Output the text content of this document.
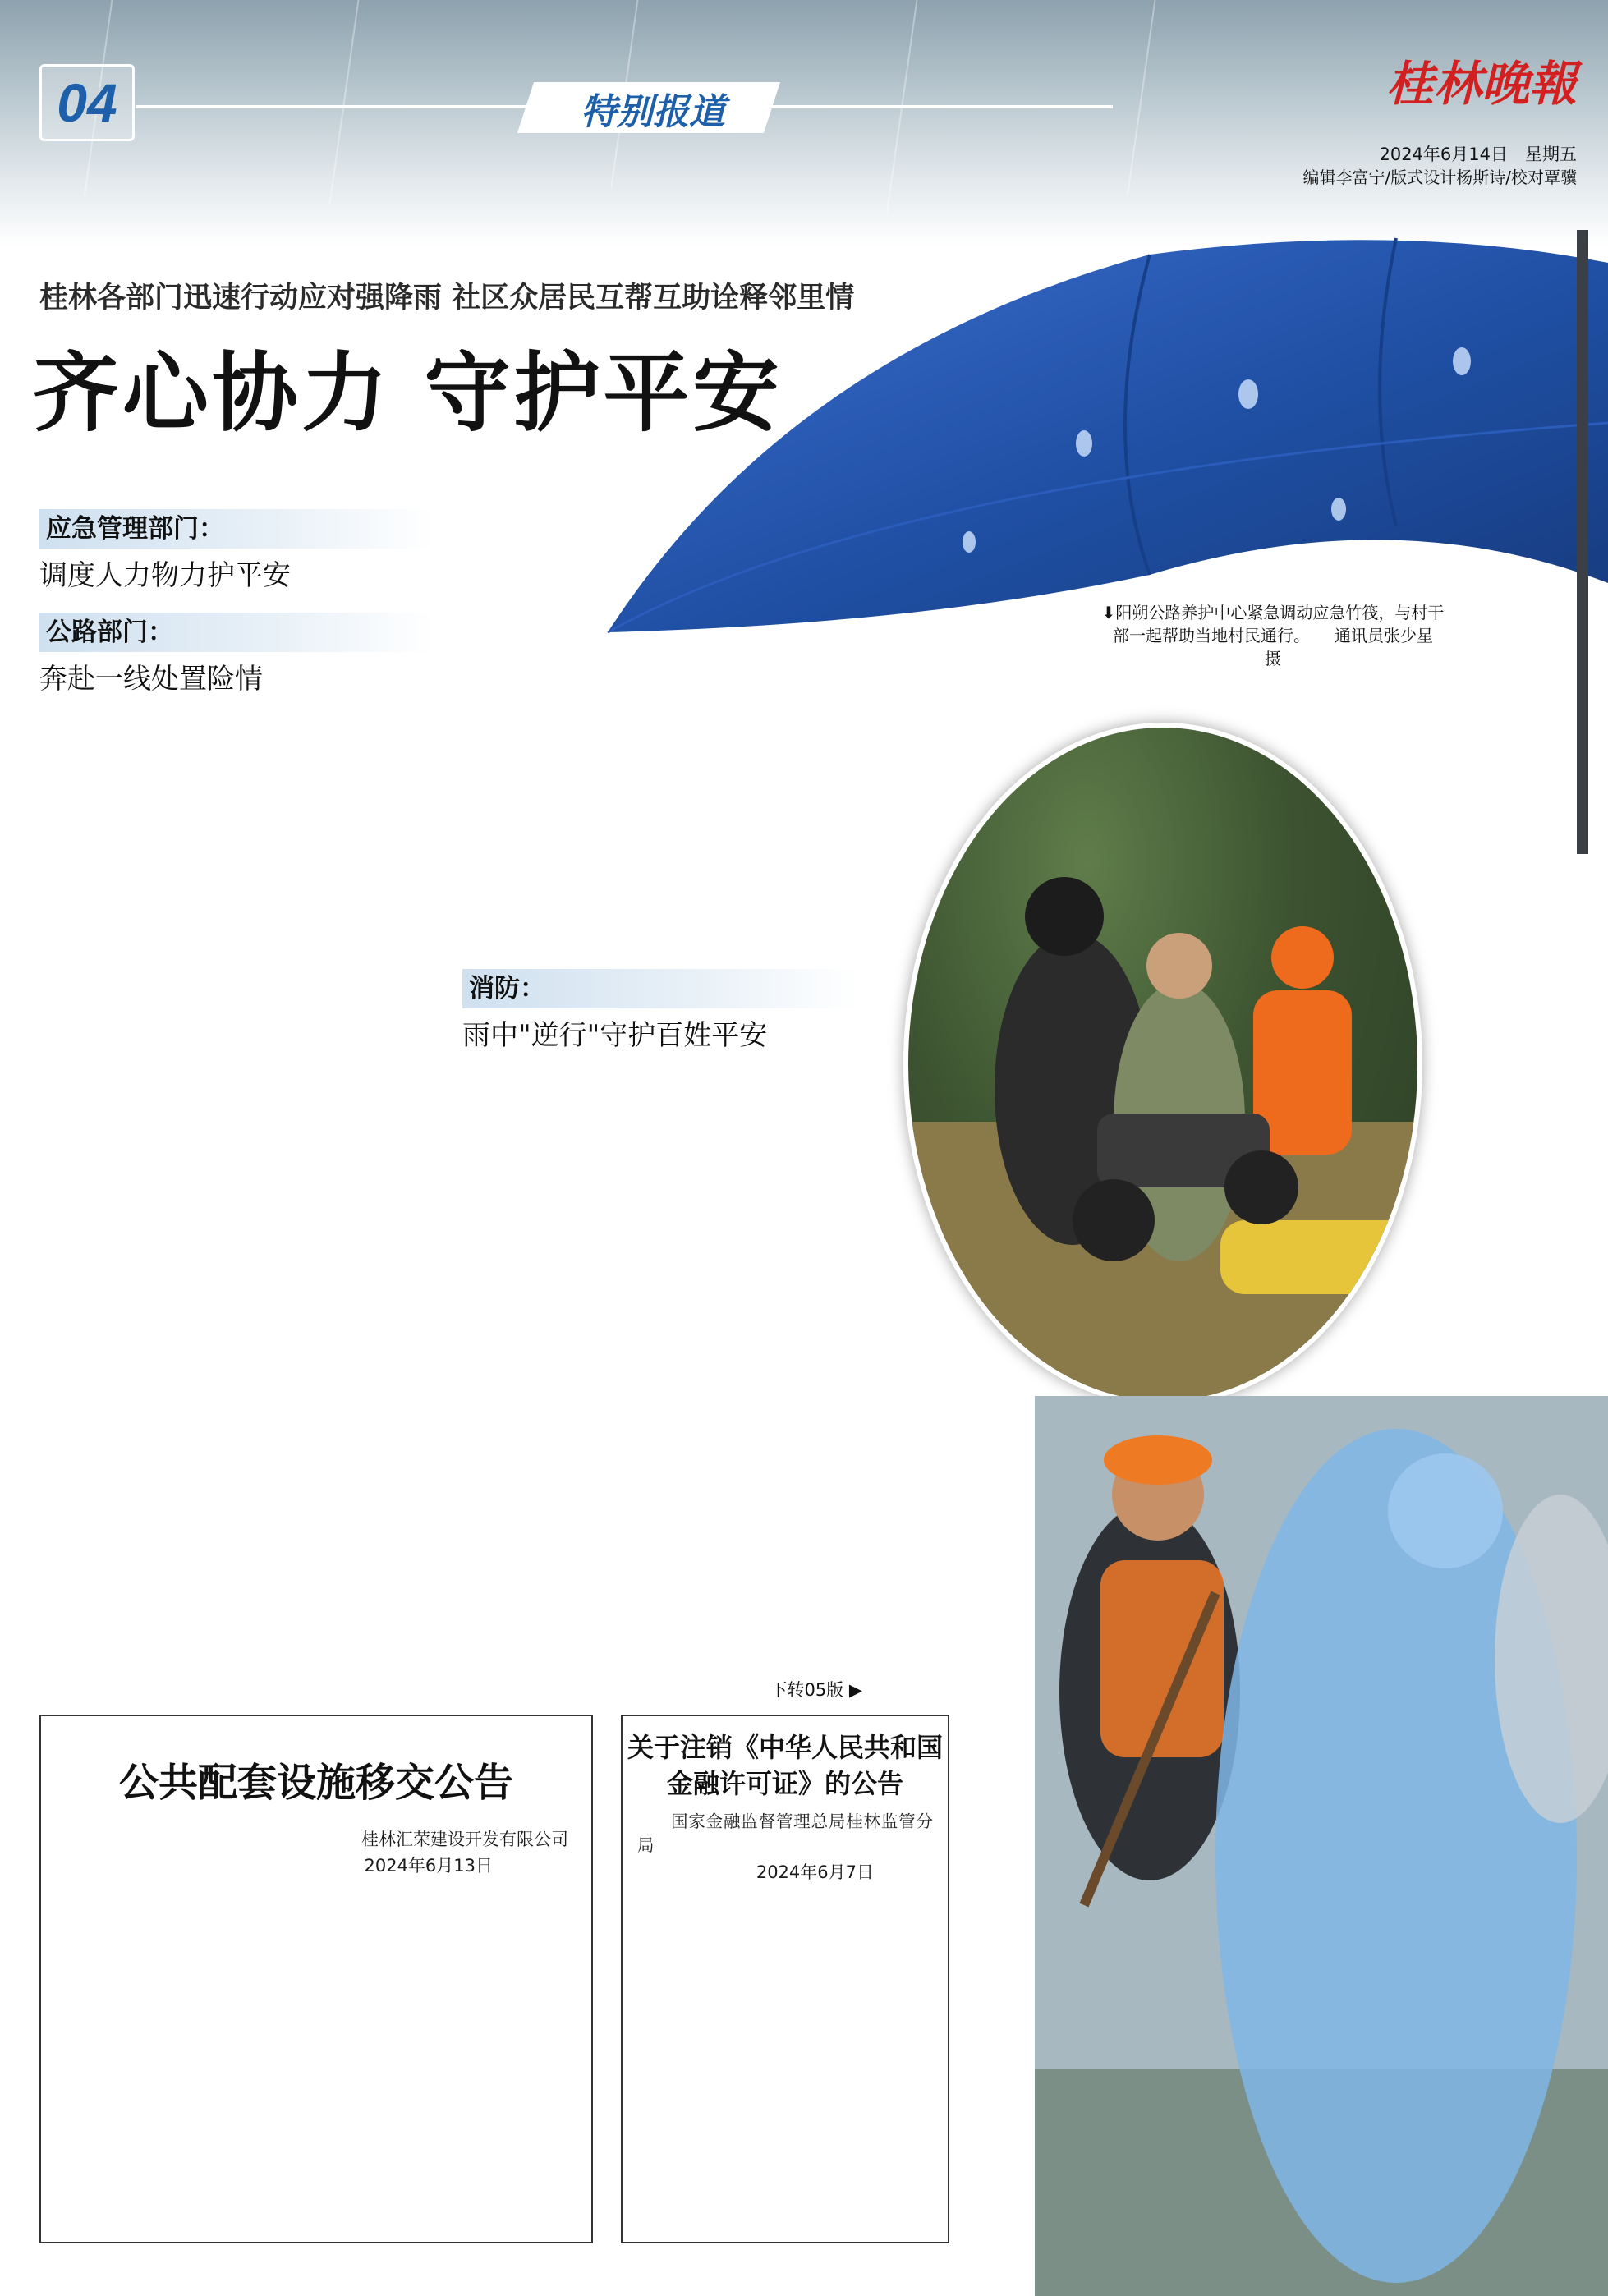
04	特别报道
桂林晚報
2024年6月14日　星期五
编辑李富宁/版式设计杨斯诗/校对覃骥
桂林各部门迅速行动应对强降雨 社区众居民互帮互助诠释邻里情
齐心协力 守护平安

应急管理部门：
调度人力物力护平安

公路部门：
奔赴一线处置险情

消防：
雨中"逆行"守护百姓平安

下转05版 ▶
⬇阳朔公路养护中心紧急调动应急竹筏，与村干部一起帮助当地村民通行。　　通讯员张少星　摄
公共配套设施移交公告

桂林汇荣建设开发有限公司
2024年6月13日
关于注销《中华人民共和国金融许可证》的公告

国家金融监督管理总局桂林监管分局

2024年6月7日
